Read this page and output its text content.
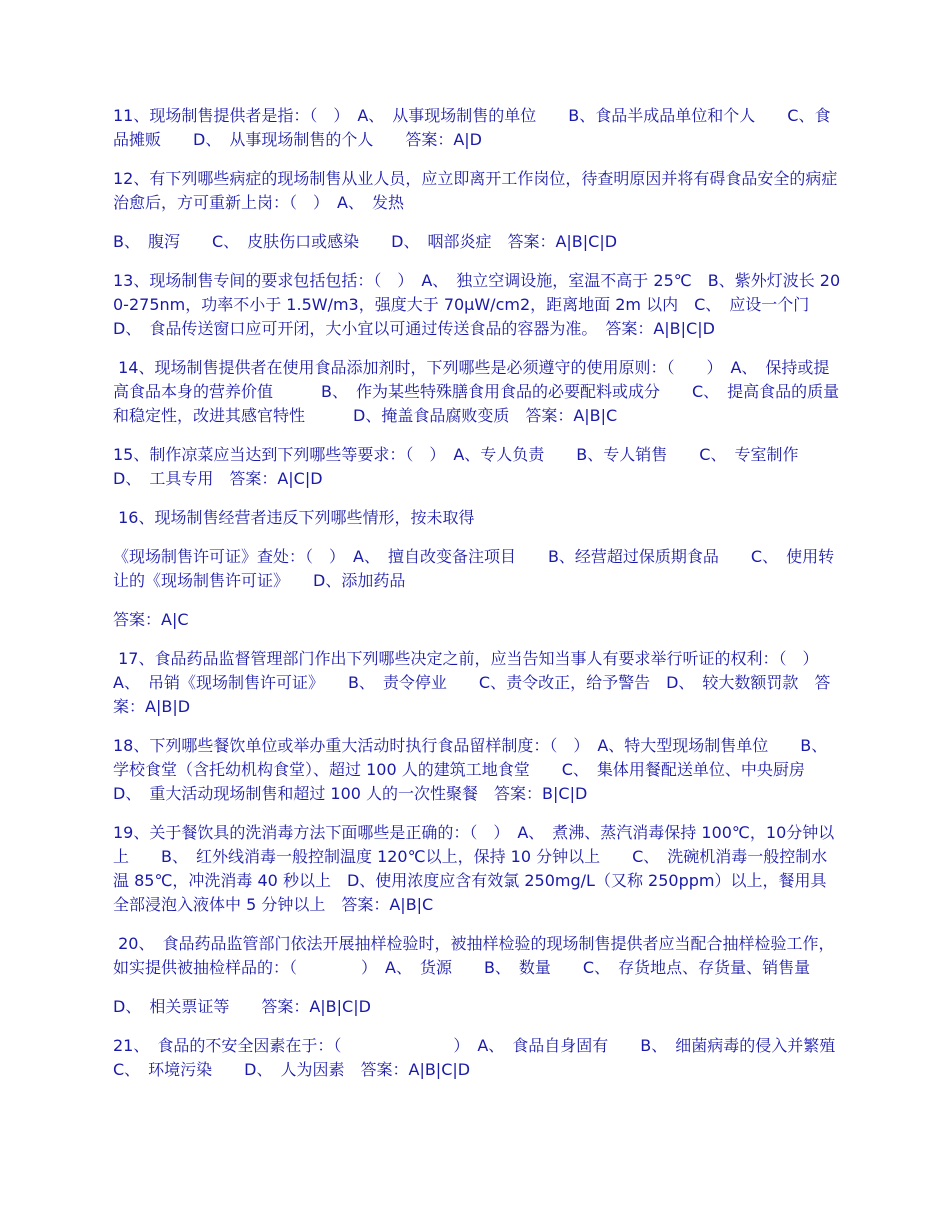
11、现场制售提供者是指：（　）　A、　从事现场制售的单位　　B、食品半成品单位和个人　　C、食品摊贩　　D、　从事现场制售的个人　　答案：A|D

12、有下列哪些病症的现场制售从业人员，应立即离开工作岗位，待查明原因并将有碍食品安全的病症治愈后，方可重新上岗：（　）　A、　发热

B、　腹泻　　C、　皮肤伤口或感染　　D、　咽部炎症　答案：A|B|C|D

13、现场制售专间的要求包括包括：（　）　A、　独立空调设施，室温不高于 25℃　B、紫外灯波长 200-275nm，功率不小于 1.5W/m3，强度大于 70μW/cm2，距离地面 2m 以内　C、　应设一个门　D、　食品传送窗口应可开闭，大小宜以可通过传送食品的容器为准。　答案：A|B|C|D

14、现场制售提供者在使用食品添加剂时，下列哪些是必须遵守的使用原则：（　　）　A、　保持或提高食品本身的营养价值　　　B、　作为某些特殊膳食用食品的必要配料或成分　　C、　提高食品的质量和稳定性，改进其感官特性　　　D、掩盖食品腐败变质　答案：A|B|C

15、制作凉菜应当达到下列哪些等要求：（　）　A、专人负责　　B、专人销售　　C、　专室制作　　　D、　工具专用　答案：A|C|D

16、现场制售经营者违反下列哪些情形，按未取得

《现场制售许可证》查处：（　）　A、　擅自改变备注项目　　B、经营超过保质期食品　　C、　使用转让的《现场制售许可证》　　D、添加药品

答案：A|C

17、食品药品监督管理部门作出下列哪些决定之前，应当告知当事人有要求举行听证的权利：（　）　A、　吊销《现场制售许可证》　　B、　责令停业　　C、责令改正，给予警告　D、　较大数额罚款　答案：A|B|D

18、下列哪些餐饮单位或举办重大活动时执行食品留样制度：（　）　A、特大型现场制售单位　　B、　学校食堂（含托幼机构食堂）、超过 100 人的建筑工地食堂　　C、　集体用餐配送单位、中央厨房　　　D、　重大活动现场制售和超过 100 人的一次性聚餐　答案：B|C|D

19、关于餐饮具的洗消毒方法下面哪些是正确的：（　）　A、　煮沸、蒸汽消毒保持 100℃，10分钟以上　　B、　红外线消毒一般控制温度 120℃以上，保持 10 分钟以上　　C、　洗碗机消毒一般控制水温 85℃，冲洗消毒 40 秒以上　D、使用浓度应含有效氯 250mg/L（又称 250ppm）以上，餐用具全部浸泡入液体中 5 分钟以上　答案：A|B|C

20、　食品药品监管部门依法开展抽样检验时，被抽样检验的现场制售提供者应当配合抽样检验工作，如实提供被抽检样品的：（　　　　）　A、　货源　　B、　数量　　C、　存货地点、存货量、销售量

D、　相关票证等　　答案：A|B|C|D

21、　食品的不安全因素在于：（　　　　　　　）　A、　食品自身固有　　B、　细菌病毒的侵入并繁殖　　C、　环境污染　　D、　人为因素　答案：A|B|C|D
